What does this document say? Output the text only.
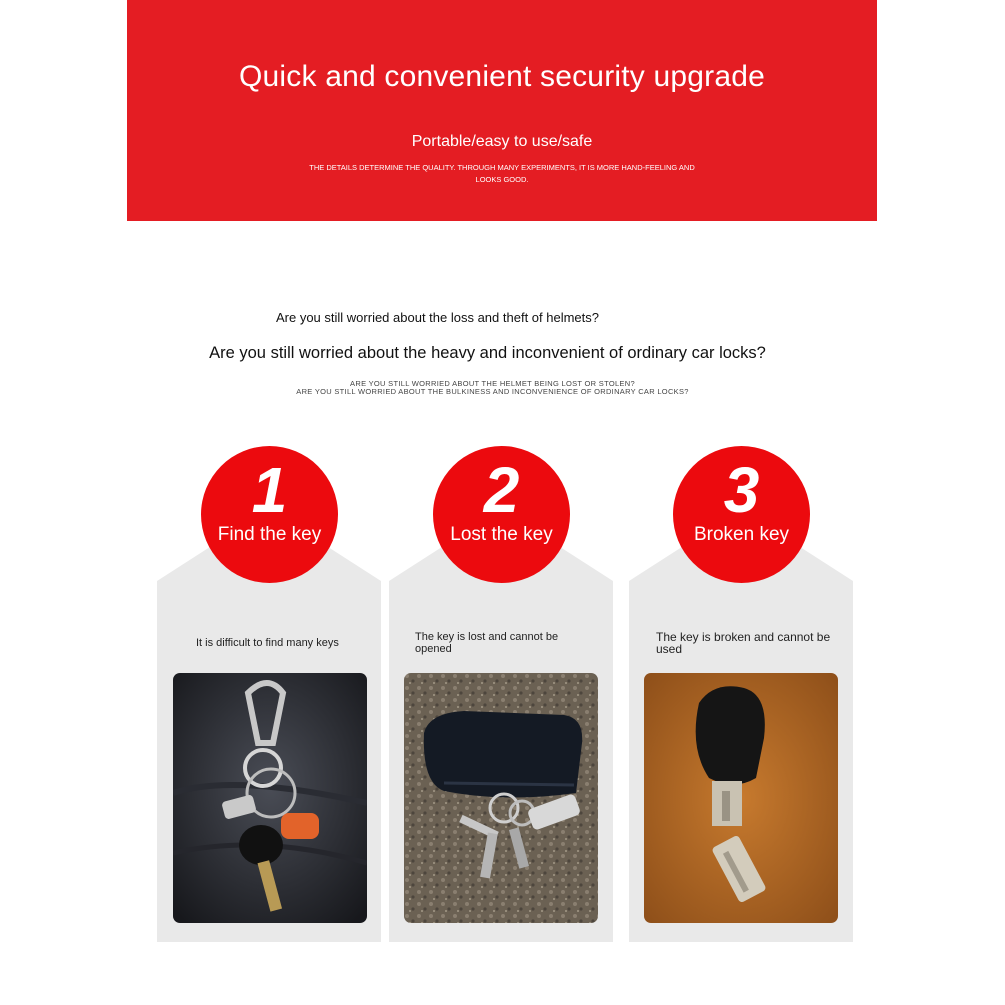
Quick and convenient security upgrade
Portable/easy to use/safe
THE DETAILS DETERMINE THE QUALITY. THROUGH MANY EXPERIMENTS, IT IS MORE HAND-FEELING AND LOOKS GOOD.
Are you still worried about the loss and theft of helmets?
Are you still worried about the heavy and inconvenient of ordinary car locks?
ARE YOU STILL WORRIED ABOUT THE HELMET BEING LOST OR STOLEN?
ARE YOU STILL WORRIED ABOUT THE BULKINESS AND INCONVENIENCE OF ORDINARY CAR LOCKS?
1
Find the key
It is difficult to find many keys
2
Lost the key
The key is lost and cannot be opened
3
Broken key
The key is broken and cannot be used
